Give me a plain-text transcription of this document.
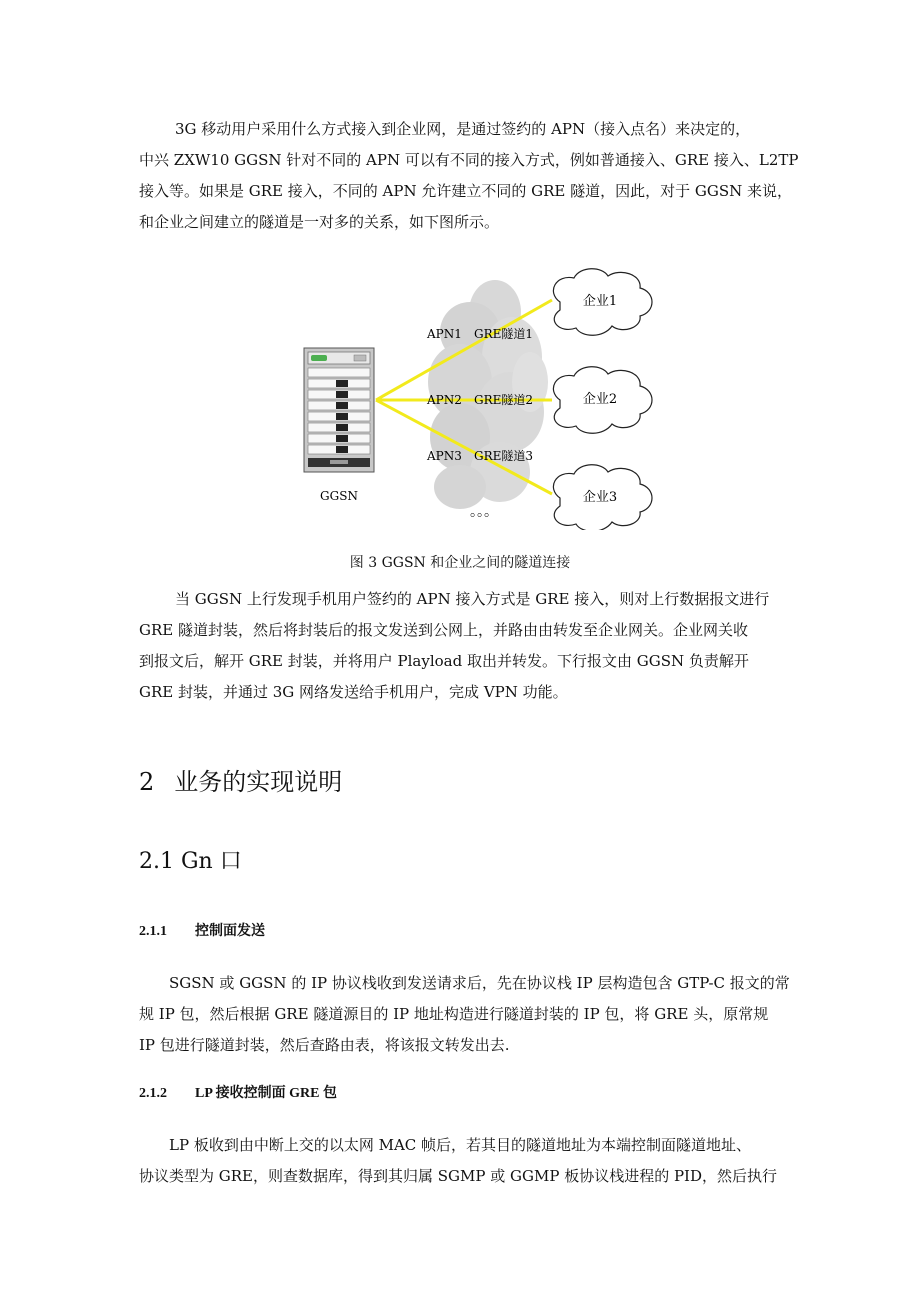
3G 移动用户采用什么方式接入到企业网，是通过签约的 APN（接入点名）来决定的，
中兴 ZXW10 GGSN 针对不同的 APN 可以有不同的接入方式，例如普通接入、GRE 接入、L2TP
接入等。如果是 GRE 接入，不同的 APN 允许建立不同的 GRE 隧道，因此，对于 GGSN 来说，
和企业之间建立的隧道是一对多的关系，如下图所示。

GGSN
APN1 GRE隧道1
APN2 GRE隧道2
APN3 GRE隧道3
。。。
企业1
企业2
企业3
图 3 GGSN 和企业之间的隧道连接

当 GGSN 上行发现手机用户签约的 APN 接入方式是 GRE 接入，则对上行数据报文进行
GRE 隧道封装，然后将封装后的报文发送到公网上，并路由由转发至企业网关。企业网关收
到报文后，解开 GRE 封装，并将用户 Playload 取出并转发。下行报文由 GGSN 负责解开
GRE 封装，并通过 3G 网络发送给手机用户，完成 VPN 功能。

2 业务的实现说明
2.1 Gn 口
2.1.1 控制面发送

SGSN 或 GGSN 的 IP 协议栈收到发送请求后，先在协议栈 IP 层构造包含 GTP-C 报文的常
规 IP 包，然后根据 GRE 隧道源目的 IP 地址构造进行隧道封装的 IP 包，将 GRE 头，原常规
IP 包进行隧道封装，然后查路由表，将该报文转发出去.

2.1.2 LP 接收控制面 GRE 包

LP 板收到由中断上交的以太网 MAC 帧后，若其目的隧道地址为本端控制面隧道地址、
协议类型为 GRE，则查数据库，得到其归属 SGMP 或 GGMP 板协议栈进程的 PID，然后执行
